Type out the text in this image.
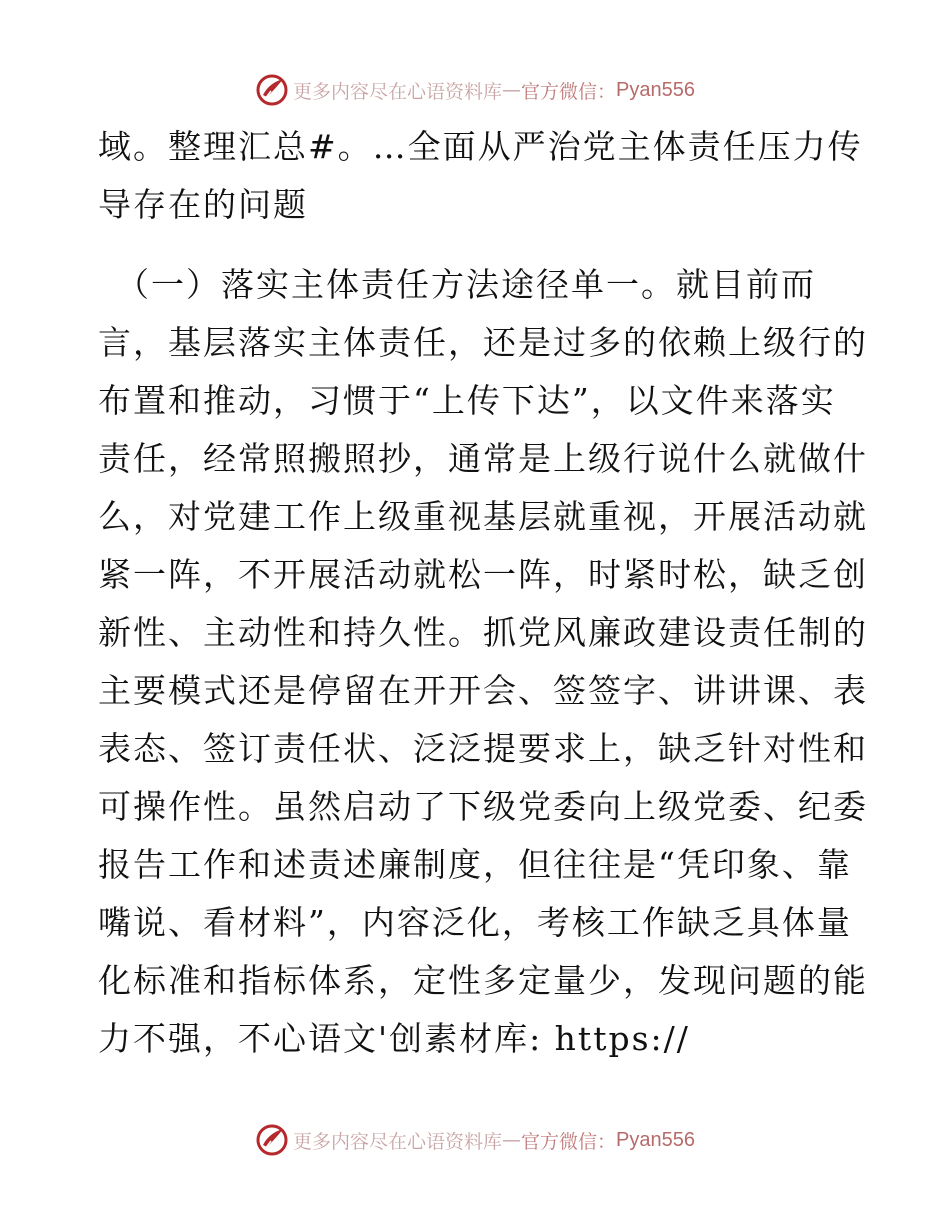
更多内容尽在心语资料库 — 官方微信： Pyan556
域。整理汇总#。…全面从严治党主体责任压力传
导存在的问题
（一）落实主体责任方法途径单一。就目前而
言，基层落实主体责任，还是过多的依赖上级行的
布置和推动，习惯于“上传下达”，以文件来落实
责任，经常照搬照抄，通常是上级行说什么就做什
么，对党建工作上级重视基层就重视，开展活动就
紧一阵，不开展活动就松一阵，时紧时松，缺乏创
新性、主动性和持久性。抓党风廉政建设责任制的
主要模式还是停留在开开会、签签字、讲讲课、表
表态、签订责任状、泛泛提要求上，缺乏针对性和
可操作性。虽然启动了下级党委向上级党委、纪委
报告工作和述责述廉制度，但往往是“凭印象、靠
嘴说、看材料”，内容泛化，考核工作缺乏具体量
化标准和指标体系，定性多定量少，发现问题的能
力不强，不心语文'创素材库: https://
更多内容尽在心语资料库 — 官方微信： Pyan556
